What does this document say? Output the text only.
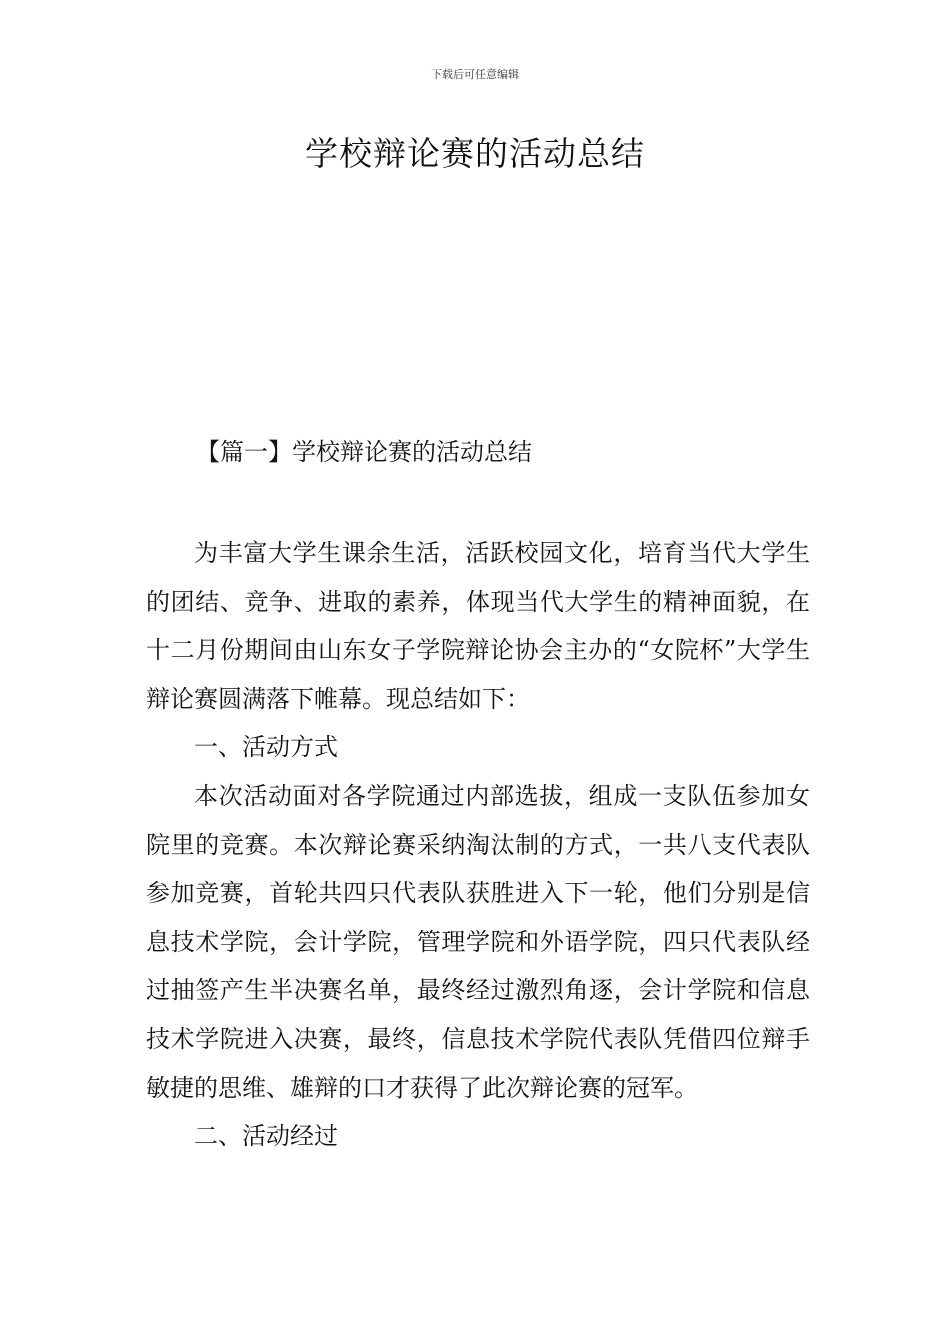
下载后可任意编辑
学校辩论赛的活动总结
【篇一】学校辩论赛的活动总结

为丰富大学生课余生活，活跃校园文化，培育当代大学生的团结、竞争、进取的素养，体现当代大学生的精神面貌，在十二月份期间由山东女子学院辩论协会主办的“女院杯”大学生辩论赛圆满落下帷幕。现总结如下：

一、活动方式

本次活动面对各学院通过内部选拔，组成一支队伍参加女院里的竞赛。本次辩论赛采纳淘汰制的方式，一共八支代表队参加竞赛，首轮共四只代表队获胜进入下一轮，他们分别是信息技术学院，会计学院，管理学院和外语学院，四只代表队经过抽签产生半决赛名单，最终经过激烈角逐，会计学院和信息技术学院进入决赛，最终，信息技术学院代表队凭借四位辩手敏捷的思维、雄辩的口才获得了此次辩论赛的冠军。

二、活动经过
